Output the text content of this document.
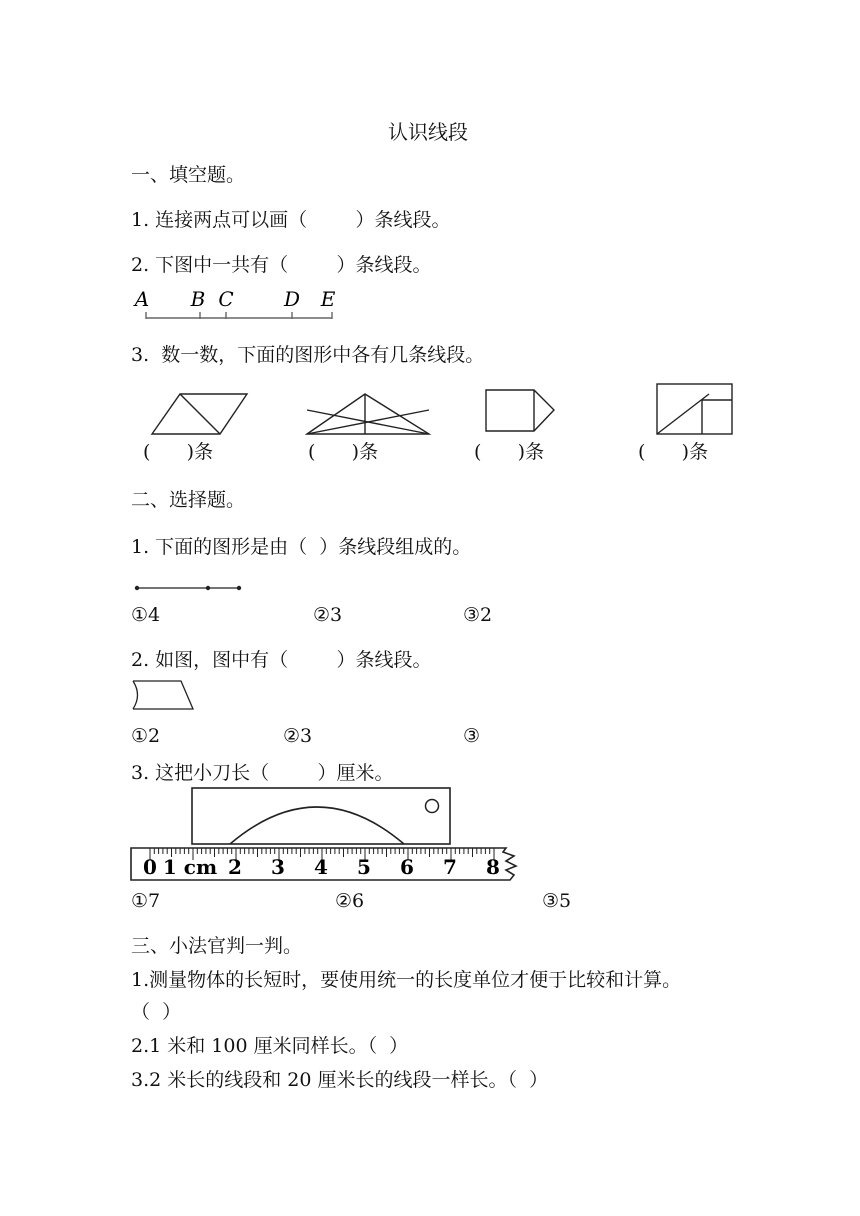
认识线段
一、填空题。
1. 连接两点可以画（        ）条线段。
2. 下图中一共有（        ）条线段。
A B C	D E
3.  数一数，下面的图形中各有几条线段。
(      )条	(      )条	(      )条	(      )条
二、选择题。
1. 下面的图形是由（  ）条线段组成的。
①4	②3	③2
2. 如图，图中有（        ）条线段。
①2	②3	③
3. 这把小刀长（        ）厘米。
0 1 cm 2 3 4 5 6 7 8
①7	②6	③5
三、小法官判一判。
1.测量物体的长短时，要使用统一的长度单位才便于比较和计算。
（  ）
2.1 米和 100 厘米同样长。（  ）
3.2 米长的线段和 20 厘米长的线段一样长。（  ）
